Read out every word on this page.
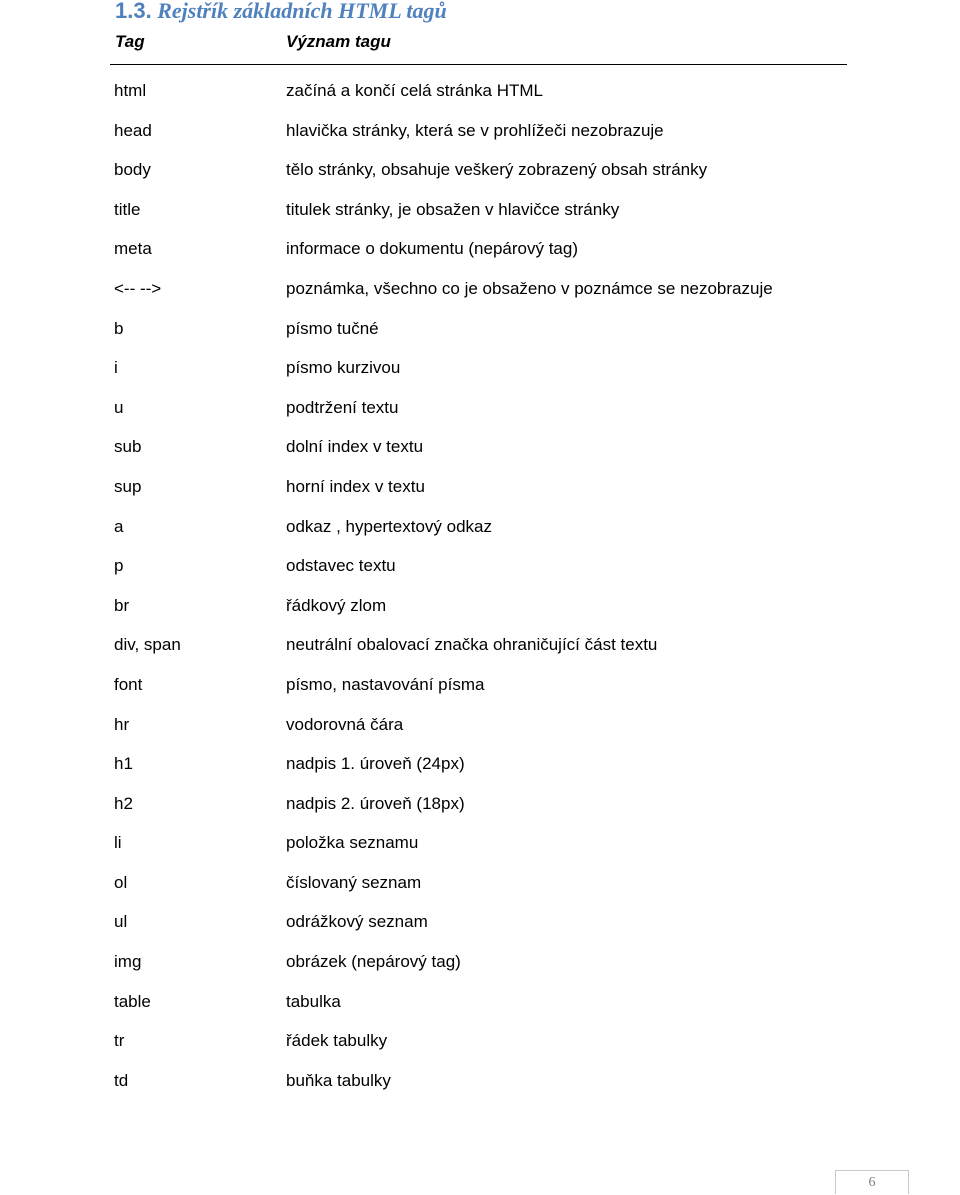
1.3. Rejstřík základních HTML tagů
Tag	Význam tagu
html	začíná a končí celá stránka HTML
head	hlavička stránky, která se v prohlížeči nezobrazuje
body	tělo stránky, obsahuje veškerý zobrazený obsah stránky
title	titulek stránky, je obsažen v hlavičce stránky
meta	informace o dokumentu (nepárový tag)
<-- -->	poznámka, všechno co je obsaženo v poznámce se nezobrazuje
b	písmo tučné
i	písmo kurzivou
u	podtržení textu
sub	dolní index v textu
sup	horní index v textu
a	odkaz , hypertextový odkaz
p	odstavec textu
br	řádkový zlom
div, span	neutrální obalovací značka ohraničující část textu
font	písmo, nastavování písma
hr	vodorovná čára
h1	nadpis 1. úroveň (24px)
h2	nadpis 2. úroveň (18px)
li	položka seznamu
ol	číslovaný seznam
ul	odrážkový seznam
img	obrázek (nepárový tag)
table	tabulka
tr	řádek tabulky
td	buňka tabulky
6
